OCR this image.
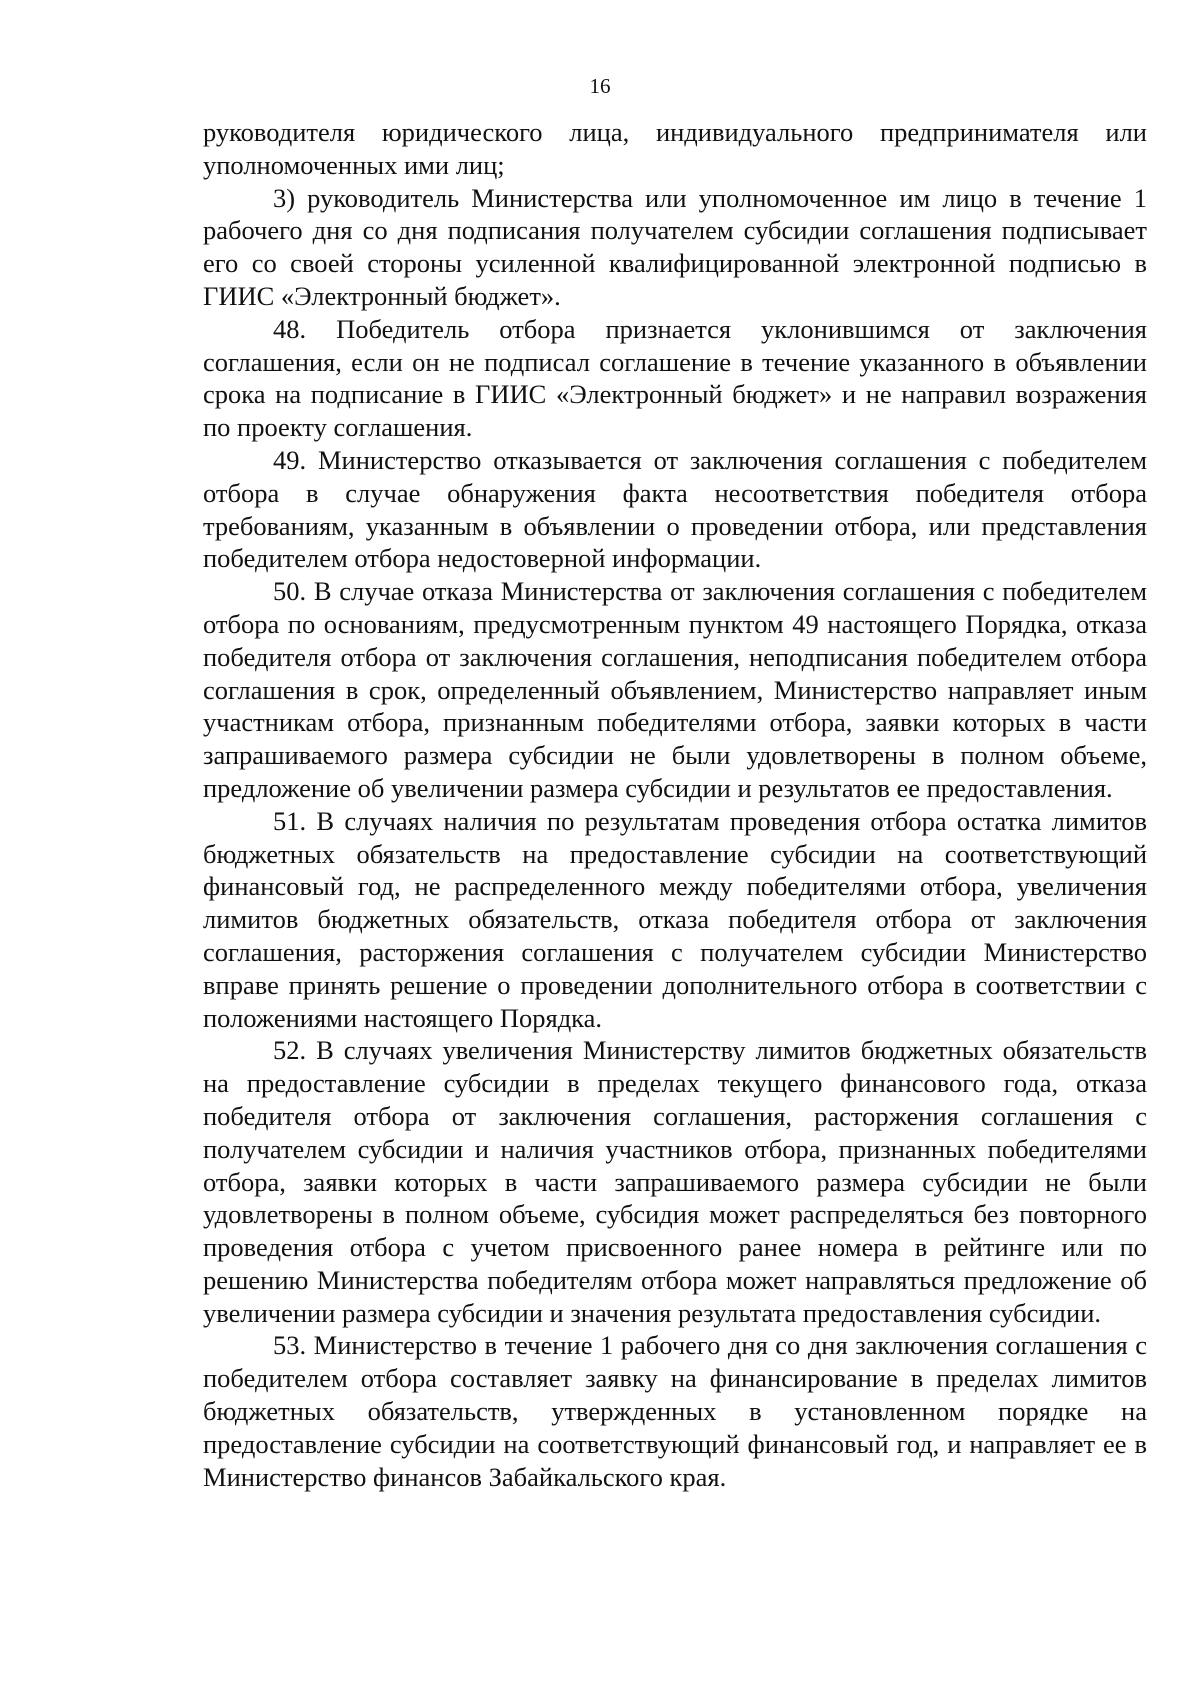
16

руководителя юридического лица, индивидуального предпринимателя или уполномоченных ими лиц;

3) руководитель Министерства или уполномоченное им лицо в течение 1 рабочего дня со дня подписания получателем субсидии соглашения подписывает его со своей стороны усиленной квалифицированной электронной подписью в ГИИС «Электронный бюджет».

48. Победитель отбора признается уклонившимся от заключения соглашения, если он не подписал соглашение в течение указанного в объявлении срока на подписание в ГИИС «Электронный бюджет» и не направил возражения по проекту соглашения.

49. Министерство отказывается от заключения соглашения с победителем отбора в случае обнаружения факта несоответствия победителя отбора требованиям, указанным в объявлении о проведении отбора, или представления победителем отбора недостоверной информации.

50. В случае отказа Министерства от заключения соглашения с победителем отбора по основаниям, предусмотренным пунктом 49 настоящего Порядка, отказа победителя отбора от заключения соглашения, неподписания победителем отбора соглашения в срок, определенный объявлением, Министерство направляет иным участникам отбора, признанным победителями отбора, заявки которых в части запрашиваемого размера субсидии не были удовлетворены в полном объеме, предложение об увеличении размера субсидии и результатов ее предоставления.

51. В случаях наличия по результатам проведения отбора остатка лимитов бюджетных обязательств на предоставление субсидии на соответствующий финансовый год, не распределенного между победителями отбора, увеличения лимитов бюджетных обязательств, отказа победителя отбора от заключения соглашения, расторжения соглашения с получателем субсидии Министерство вправе принять решение о проведении дополнительного отбора в соответствии с положениями настоящего Порядка.

52. В случаях увеличения Министерству лимитов бюджетных обязательств на предоставление субсидии в пределах текущего финансового года, отказа победителя отбора от заключения соглашения, расторжения соглашения с получателем субсидии и наличия участников отбора, признанных победителями отбора, заявки которых в части запрашиваемого размера субсидии не были удовлетворены в полном объеме, субсидия может распределяться без повторного проведения отбора с учетом присвоенного ранее номера в рейтинге или по решению Министерства победителям отбора может направляться предложение об увеличении размера субсидии и значения результата предоставления субсидии.

53. Министерство в течение 1 рабочего дня со дня заключения соглашения с победителем отбора составляет заявку на финансирование в пределах лимитов бюджетных обязательств, утвержденных в установленном порядке на предоставление субсидии на соответствующий финансовый год, и направляет ее в Министерство финансов Забайкальского края.
